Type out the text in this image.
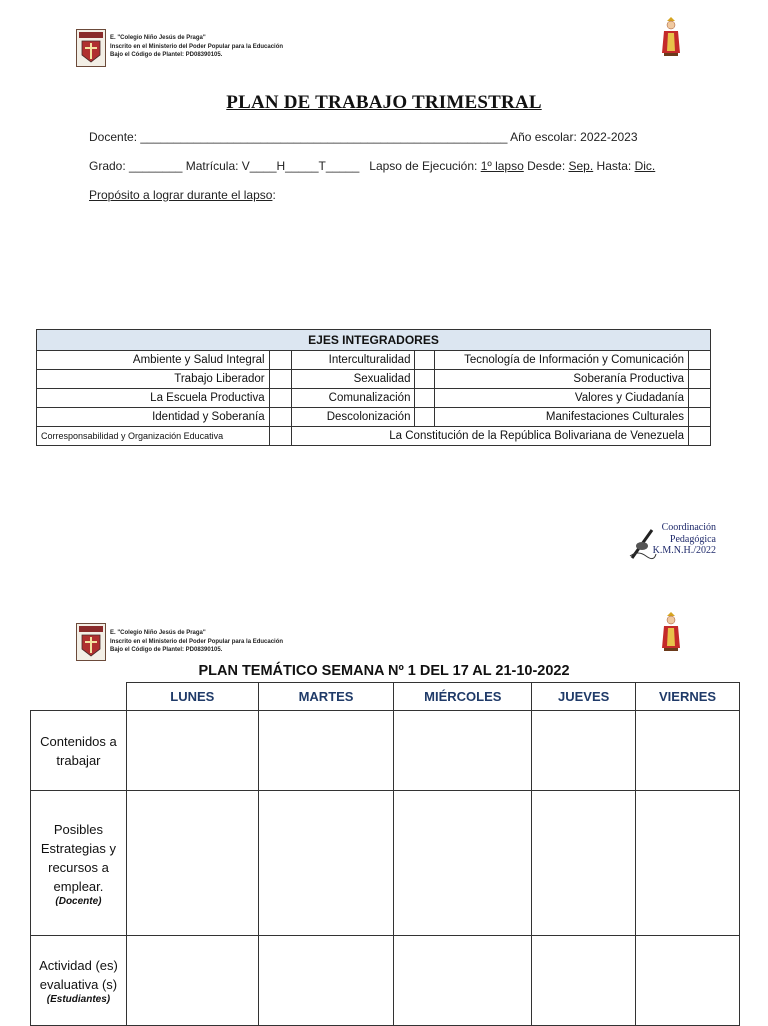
E. "Colegio Niño Jesús de Praga"
Inscrito en el Ministerio del Poder Popular para la Educación
Bajo el Código de Plantel: PD08390105.
PLAN DE TRABAJO TRIMESTRAL
Docente: _______________________________________________________ Año escolar: 2022-2023
Grado: ________ Matrícula: V____H_____T_____ Lapso de Ejecución: 1º lapso Desde: Sep. Hasta: Dic.
Propósito a lograr durante el lapso:
EJES INTEGRADORES					
Ambiente y Salud Integral		Interculturalidad		Tecnología de Información y Comunicación	
Trabajo Liberador		Sexualidad		Soberanía Productiva	
La Escuela Productiva		Comunalización		Valores y Ciudadanía	
Identidad y Soberanía		Descolonización		Manifestaciones Culturales	
Corresponsabilidad y Organización Educativa		La Constitución de la República Bolivariana de Venezuela			
Coordinación
Pedagógica
K.M.N.H./2022
E. "Colegio Niño Jesús de Praga"
Inscrito en el Ministerio del Poder Popular para la Educación
Bajo el Código de Plantel: PD08390105.
PLAN TEMÁTICO SEMANA Nº 1 DEL 17 AL 21-10-2022
	LUNES	MARTES	MIÉRCOLES	JUEVES	VIERNES

Contenidos a trabajar					

Posibles Estrategias y recursos a emplear.
(Docente)					

Actividad (es) evaluativa (s)
(Estudiantes)					
